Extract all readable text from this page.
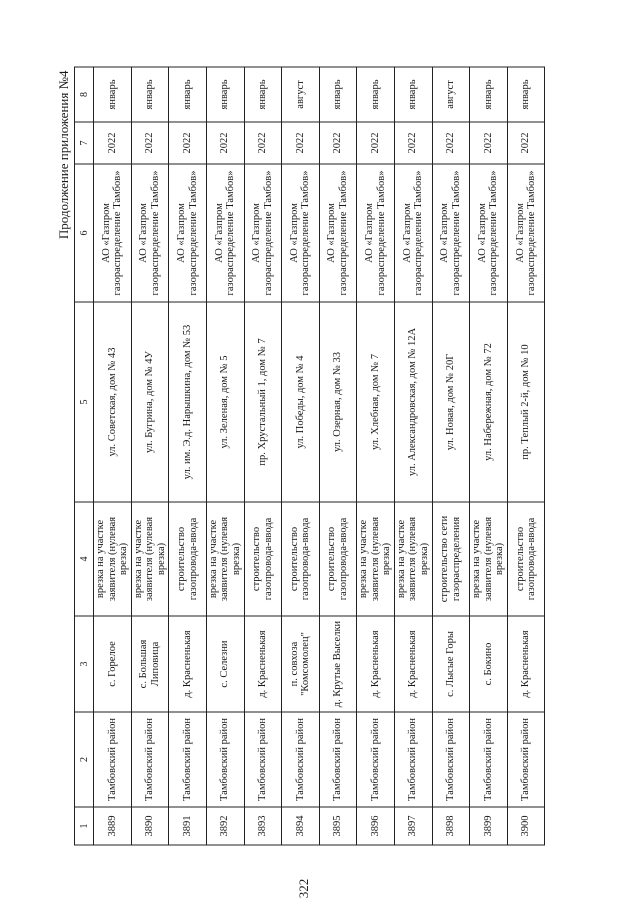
322
Продолжение приложения №4
1	2	3	4	5	6	7	8
3889	Тамбовский район	с. Горелое	врезка на участке заявителя (нулевая врезка)	ул. Советская, дом № 43	АО «Газпром газораспределение Тамбов»	2022	январь
3890	Тамбовский район	с. Большая Липовица	врезка на участке заявителя (нулевая врезка)	ул. Бугрина, дом № 4У	АО «Газпром газораспределение Тамбов»	2022	январь
3891	Тамбовский район	д. Красненькая	строительство газопровода-ввода	ул. им. Э.д. Нарышкина, дом № 53	АО «Газпром газораспределение Тамбов»	2022	январь
3892	Тамбовский район	с. Селезни	врезка на участке заявителя (нулевая врезка)	ул. Зеленая, дом № 5	АО «Газпром газораспределение Тамбов»	2022	январь
3893	Тамбовский район	д. Красненькая	строительство газопровода-ввода	пр. Хрустальный 1, дом № 7	АО «Газпром газораспределение Тамбов»	2022	январь
3894	Тамбовский район	п. совхоза "Комсомолец"	строительство газопровода-ввода	ул. Победы, дом № 4	АО «Газпром газораспределение Тамбов»	2022	август
3895	Тамбовский район	д. Крутые Выселки	строительство газопровода-ввода	ул. Озерная, дом № 33	АО «Газпром газораспределение Тамбов»	2022	январь
3896	Тамбовский район	д. Красненькая	врезка на участке заявителя (нулевая врезка)	ул. Хлебная, дом № 7	АО «Газпром газораспределение Тамбов»	2022	январь
3897	Тамбовский район	д. Красненькая	врезка на участке заявителя (нулевая врезка)	ул. Александровская, дом № 12А	АО «Газпром газораспределение Тамбов»	2022	январь
3898	Тамбовский район	с. Лысые Горы	строительство сети газораспределения	ул. Новая, дом № 20Г	АО «Газпром газораспределение Тамбов»	2022	август
3899	Тамбовский район	с. Бокино	врезка на участке заявителя (нулевая врезка)	ул. Набережная, дом № 72	АО «Газпром газораспределение Тамбов»	2022	январь
3900	Тамбовский район	д. Красненькая	строительство газопровода-ввода	пр. Теплый 2-й, дом № 10	АО «Газпром газораспределение Тамбов»	2022	январь
